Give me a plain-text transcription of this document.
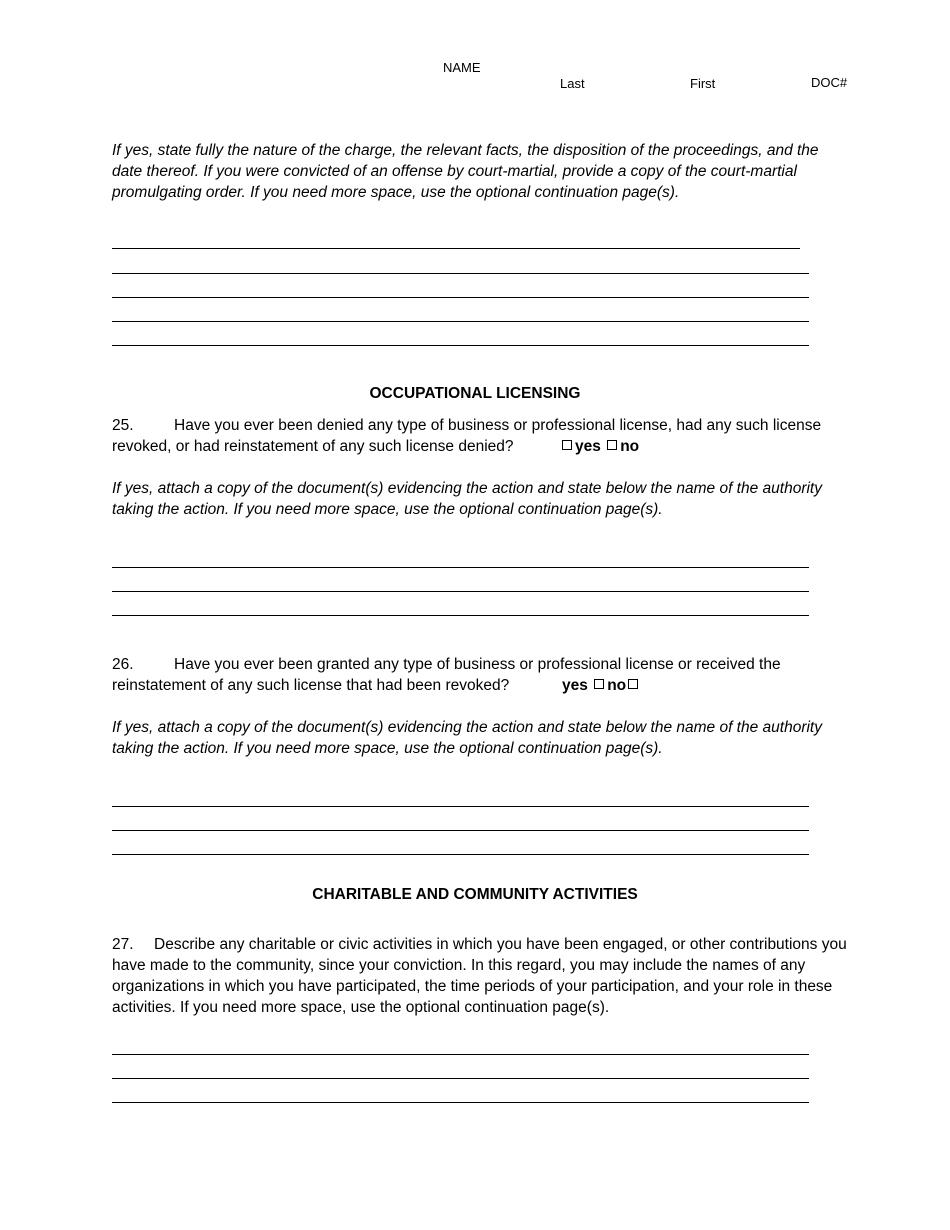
NAME
Last	First	DOC#
If yes, state fully the nature of the charge, the relevant facts, the disposition of the proceedings, and the date thereof. If you were convicted of an offense by court-martial, provide a copy of the court-martial promulgating order. If you need more space, use the optional continuation page(s).
OCCUPATIONAL LICENSING
25.	Have you ever been denied any type of business or professional license, had any such license revoked, or had reinstatement of any such license denied?	yes no
If yes, attach a copy of the document(s) evidencing the action and state below the name of the authority taking the action. If you need more space, use the optional continuation page(s).
26.	Have you ever been granted any type of business or professional license or received the reinstatement of any such license that had been revoked?	yes no
If yes, attach a copy of the document(s) evidencing the action and state below the name of the authority taking the action. If you need more space, use the optional continuation page(s).
CHARITABLE AND COMMUNITY ACTIVITIES
27. Describe any charitable or civic activities in which you have been engaged, or other contributions you have made to the community, since your conviction. In this regard, you may include the names of any organizations in which you have participated, the time periods of your participation, and your role in these activities. If you need more space, use the optional continuation page(s).
